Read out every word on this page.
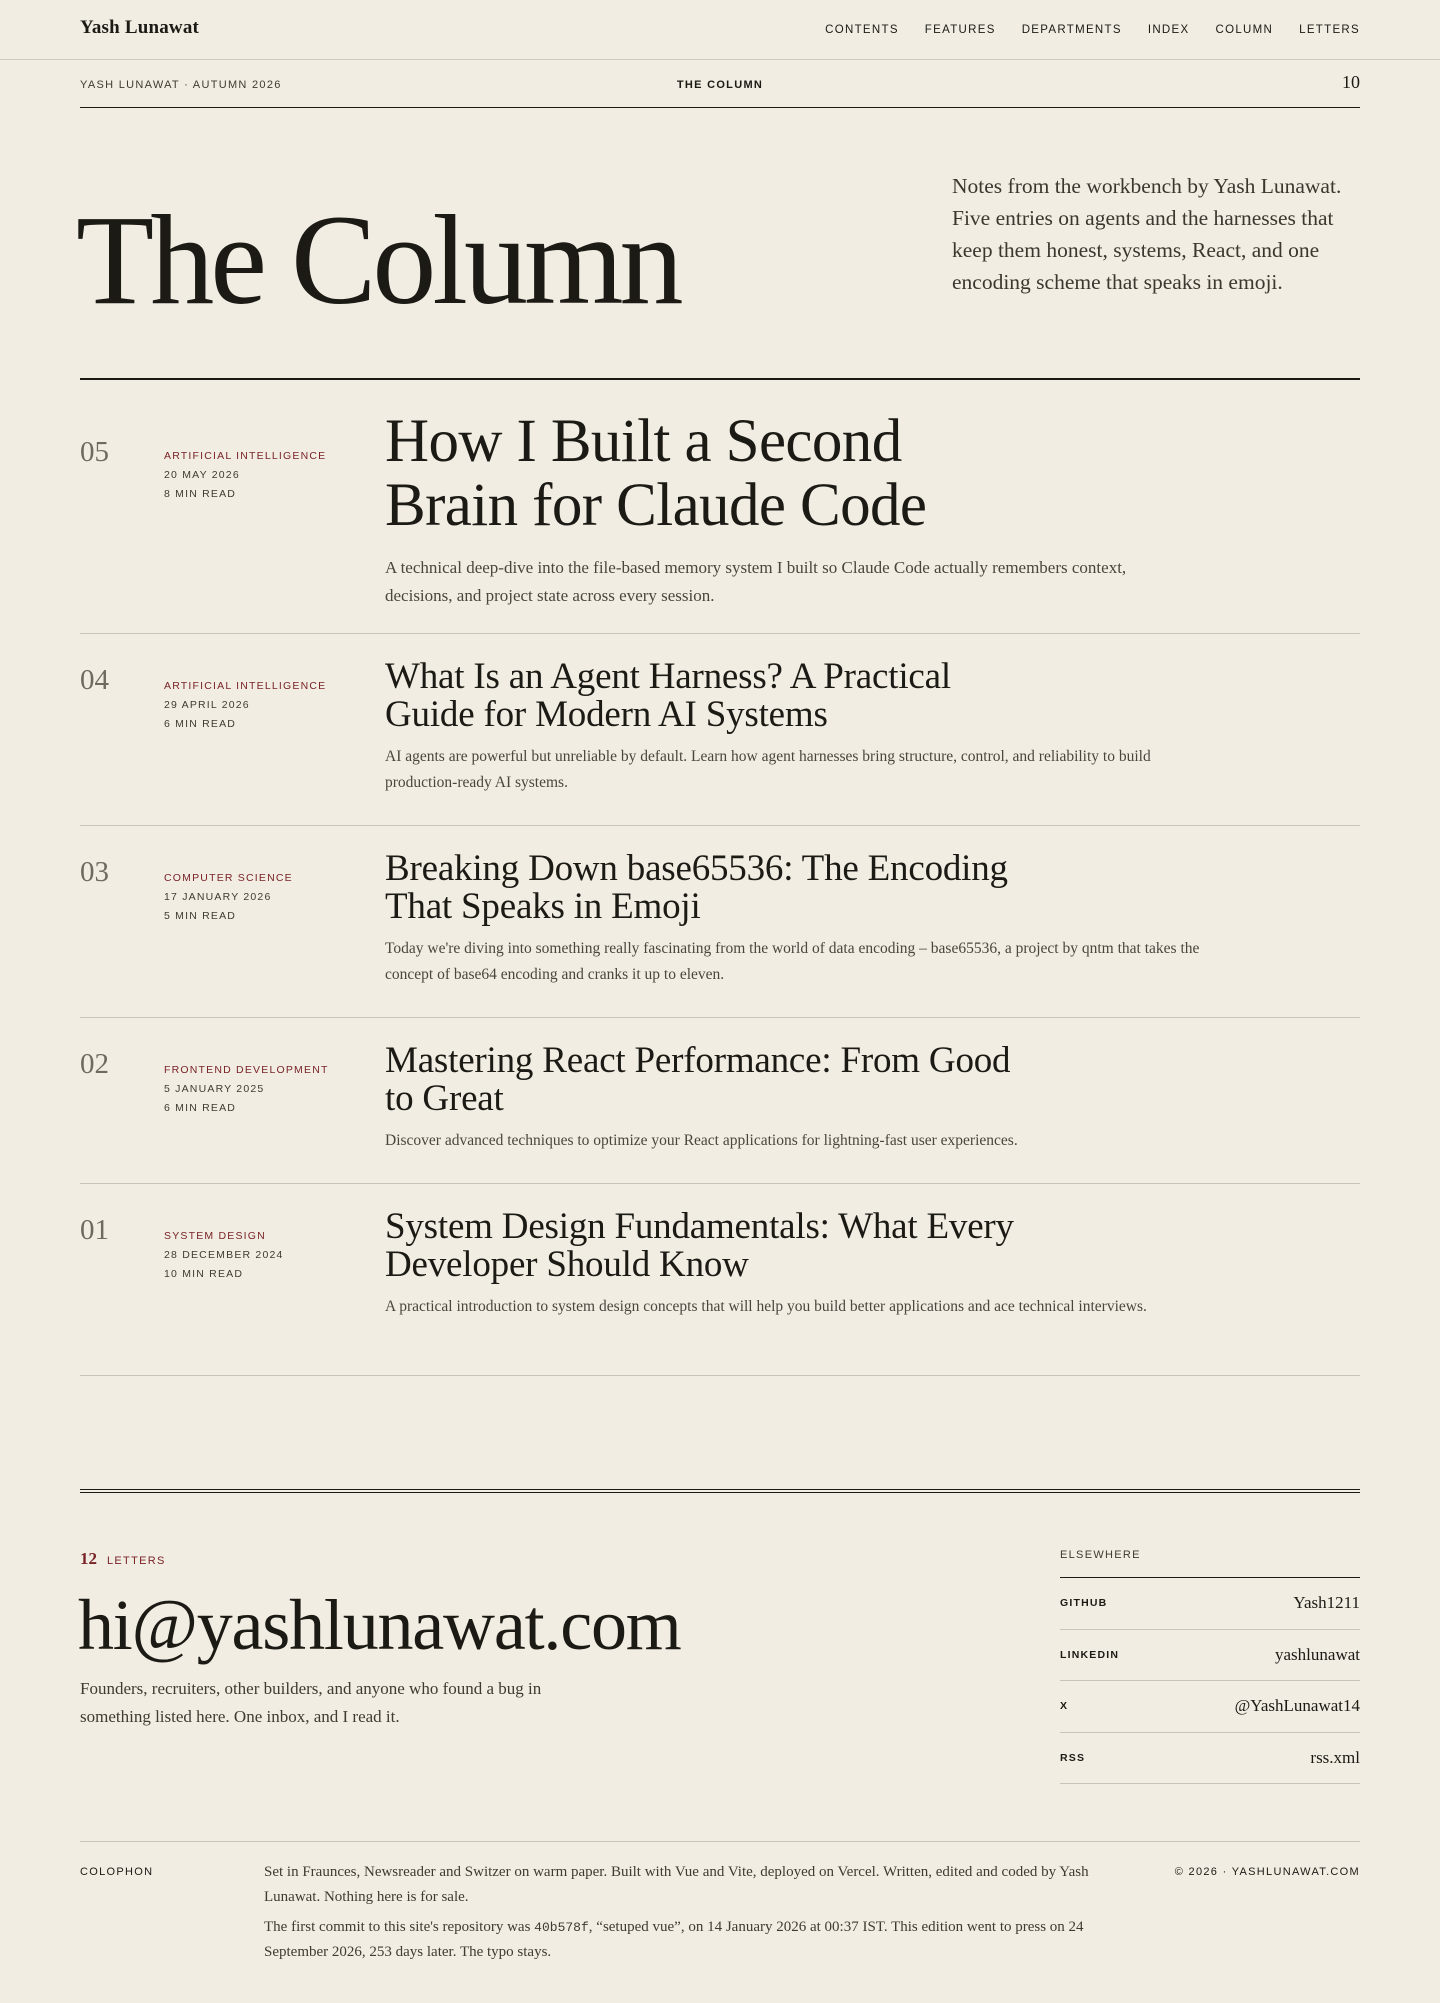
Yash Lunawat	CONTENTS FEATURES DEPARTMENTS INDEX COLUMN LETTERS
YASH LUNAWAT · AUTUMN 2026	THE COLUMN	10
The Column

Notes from the workbench by Yash Lunawat. Five entries on agents and the harnesses that keep them honest, systems, React, and one encoding scheme that speaks in emoji.

05	ARTIFICIAL INTELLIGENCE
20 MAY 2026
8 MIN READ
How I Built a Second Brain for Claude Code

A technical deep-dive into the file-based memory system I built so Claude Code actually remembers context, decisions, and project state across every session.

04	ARTIFICIAL INTELLIGENCE
29 APRIL 2026
6 MIN READ
What Is an Agent Harness? A Practical Guide for Modern AI Systems

AI agents are powerful but unreliable by default. Learn how agent harnesses bring structure, control, and reliability to build production-ready AI systems.

03	COMPUTER SCIENCE
17 JANUARY 2026
5 MIN READ
Breaking Down base65536: The Encoding That Speaks in Emoji

Today we're diving into something really fascinating from the world of data encoding – base65536, a project by qntm that takes the concept of base64 encoding and cranks it up to eleven.

02	FRONTEND DEVELOPMENT
5 JANUARY 2025
6 MIN READ
Mastering React Performance: From Good to Great

Discover advanced techniques to optimize your React applications for lightning-fast user experiences.

01	SYSTEM DESIGN
28 DECEMBER 2024
10 MIN READ
System Design Fundamentals: What Every Developer Should Know

A practical introduction to system design concepts that will help you build better applications and ace technical interviews.

12 LETTERS
hi@yashlunawat.com

Founders, recruiters, other builders, and anyone who found a bug in something listed here. One inbox, and I read it.

ELSEWHERE
GITHUB	Yash1211
LINKEDIN	yashlunawat
X	@YashLunawat14
RSS	rss.xml
COLOPHON	Set in Fraunces, Newsreader and Switzer on warm paper. Built with Vue and Vite, deployed on Vercel. Written, edited and coded by Yash Lunawat. Nothing here is for sale.

The first commit to this site's repository was 40b578f, “setuped vue”, on 14 January 2026 at 00:37 IST. This edition went to press on 24 September 2026, 253 days later. The typo stays.

© 2026 · YASHLUNAWAT.COM
